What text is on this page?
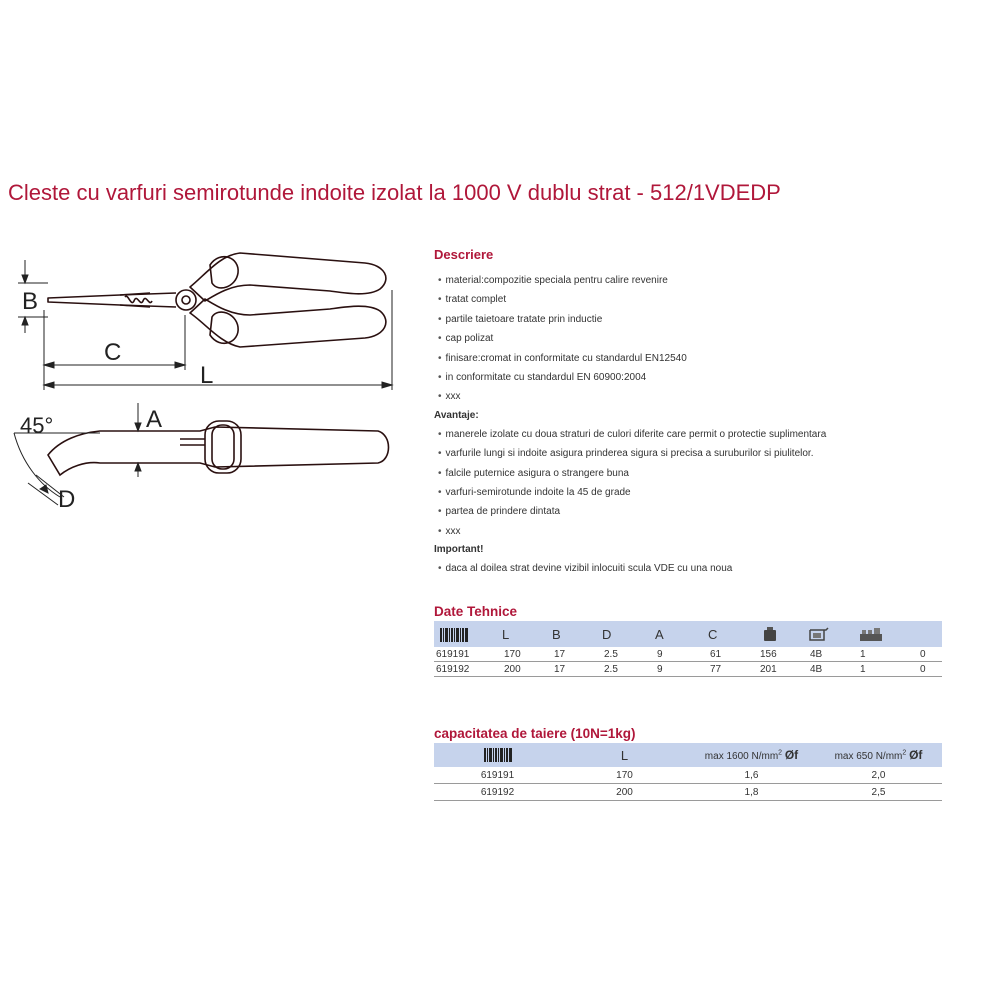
Cleste cu varfuri semirotunde indoite izolat la 1000 V dublu strat - 512/1VDEDP
B
C
L
A
45°
D
Descriere
• material:compozitie speciala pentru calire revenire
• tratat complet
• partile taietoare tratate prin inductie
• cap polizat
• finisare:cromat in conformitate cu standardul EN12540
• in conformitate cu standardul EN 60900:2004
• xxx
Avantaje:
• manerele izolate cu doua straturi de culori diferite care permit o protectie suplimentara
• varfurile lungi si indoite asigura prinderea sigura si precisa a suruburilor si piulitelor.
• falcile puternice asigura o strangere buna
• varfuri-semirotunde indoite la 45 de grade
• partea de prindere dintata
• xxx
Important!
• daca al doilea strat devine vizibil inlocuiti scula VDE cu una noua
Date Tehnice
	L	B	D	A	C				
619191	170	17	2.5	9	61	156	4B	1	0
619192	200	17	2.5	9	77	201	4B	1	0
capacitatea de taiere (10N=1kg)
	L	max 1600 $N/mm^2$ Øf	max 650 $N/mm^2$ Øf
619191	170	1,6	2,0
619192	200	1,8	2,5
